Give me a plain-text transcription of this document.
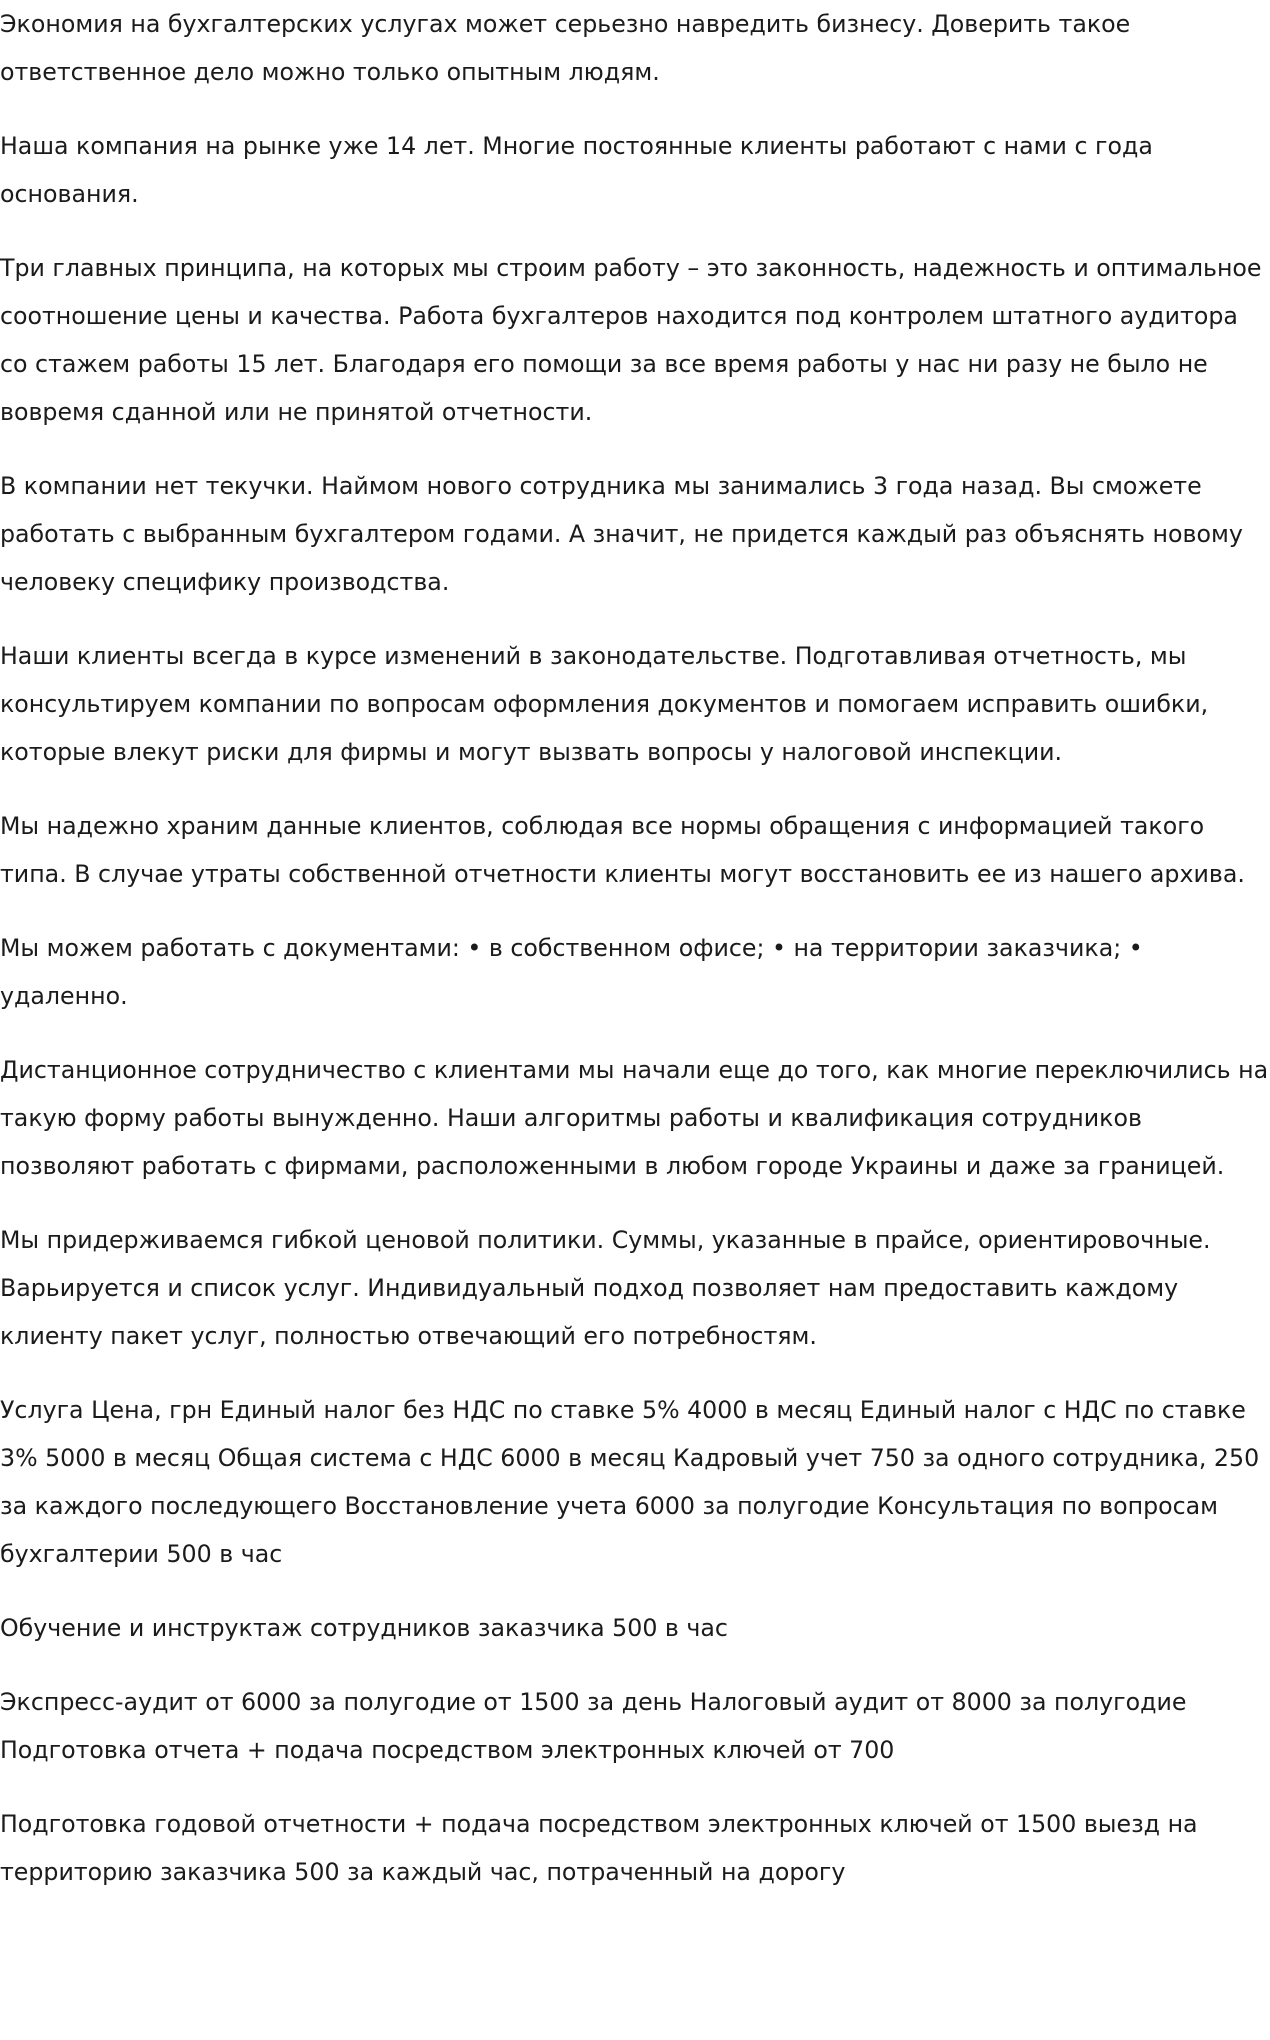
Экономия на бухгалтерских услугах может серьезно навредить бизнесу. Доверить такое ответственное дело можно только опытным людям.

Наша компания на рынке уже 14 лет. Многие постоянные клиенты работают с нами с года основания.

Три главных принципа, на которых мы строим работу – это законность, надежность и оптимальное соотношение цены и качества. Работа бухгалтеров находится под контролем штатного аудитора со стажем работы 15 лет. Благодаря его помощи за все время работы у нас ни разу не было не вовремя сданной или не принятой отчетности.

В компании нет текучки. Наймом нового сотрудника мы занимались 3 года назад. Вы сможете работать с выбранным бухгалтером годами. А значит, не придется каждый раз объяснять новому человеку специфику производства.

Наши клиенты всегда в курсе изменений в законодательстве. Подготавливая отчетность, мы консультируем компании по вопросам оформления документов и помогаем исправить ошибки, которые влекут риски для фирмы и могут вызвать вопросы у налоговой инспекции.

Мы надежно храним данные клиентов, соблюдая все нормы обращения с информацией такого типа. В случае утраты собственной отчетности клиенты могут восстановить ее из нашего архива.

Мы можем работать с документами: • в собственном офисе; • на территории заказчика; • удаленно.

Дистанционное сотрудничество с клиентами мы начали еще до того, как многие переключились на такую форму работы вынужденно. Наши алгоритмы работы и квалификация сотрудников позволяют работать с фирмами, расположенными в любом городе Украины и даже за границей.

Мы придерживаемся гибкой ценовой политики. Суммы, указанные в прайсе, ориентировочные. Варьируется и список услуг. Индивидуальный подход позволяет нам предоставить каждому клиенту пакет услуг, полностью отвечающий его потребностям.

Услуга Цена, грн Единый налог без НДС по ставке 5% 4000 в месяц Единый налог с НДС по ставке 3% 5000 в месяц Общая система с НДС 6000 в месяц Кадровый учет 750 за одного сотрудника, 250 за каждого последующего Восстановление учета 6000 за полугодие Консультация по вопросам бухгалтерии 500 в час

Обучение и инструктаж сотрудников заказчика 500 в час

Экспресс-аудит от 6000 за полугодие от 1500 за день Налоговый аудит от 8000 за полугодие Подготовка отчета + подача посредством электронных ключей от 700

Подготовка годовой отчетности + подача посредством электронных ключей от 1500 выезд на территорию заказчика 500 за каждый час, потраченный на дорогу
